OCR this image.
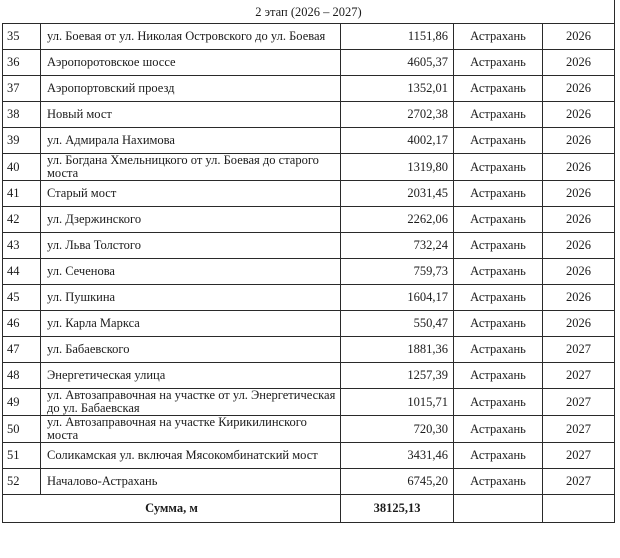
2 этап (2026 – 2027)				
35	ул. Боевая от ул. Николая Островского до ул. Боевая	1151,86	Астрахань	2026
36	Аэропоротовское шоссе	4605,37	Астрахань	2026
37	Аэропортовский проезд	1352,01	Астрахань	2026
38	Новый мост	2702,38	Астрахань	2026
39	ул. Адмирала Нахимова	4002,17	Астрахань	2026
40	ул. Богдана Хмельницкого от ул. Боевая до старого моста	1319,80	Астрахань	2026
41	Старый мост	2031,45	Астрахань	2026
42	ул. Дзержинского	2262,06	Астрахань	2026
43	ул. Льва Толстого	732,24	Астрахань	2026
44	ул. Сеченова	759,73	Астрахань	2026
45	ул. Пушкина	1604,17	Астрахань	2026
46	ул. Карла Маркса	550,47	Астрахань	2026
47	ул. Бабаевского	1881,36	Астрахань	2027
48	Энергетическая улица	1257,39	Астрахань	2027
49	ул. Автозаправочная на участке от ул. Энергетическая до ул. Бабаевская	1015,71	Астрахань	2027
50	ул. Автозаправочная на участке Кирикилинского моста	720,30	Астрахань	2027
51	Соликамская ул. включая Мясокомбинатский мост	3431,46	Астрахань	2027
52	Началово-Астрахань	6745,20	Астрахань	2027
Сумма, м		38125,13		
